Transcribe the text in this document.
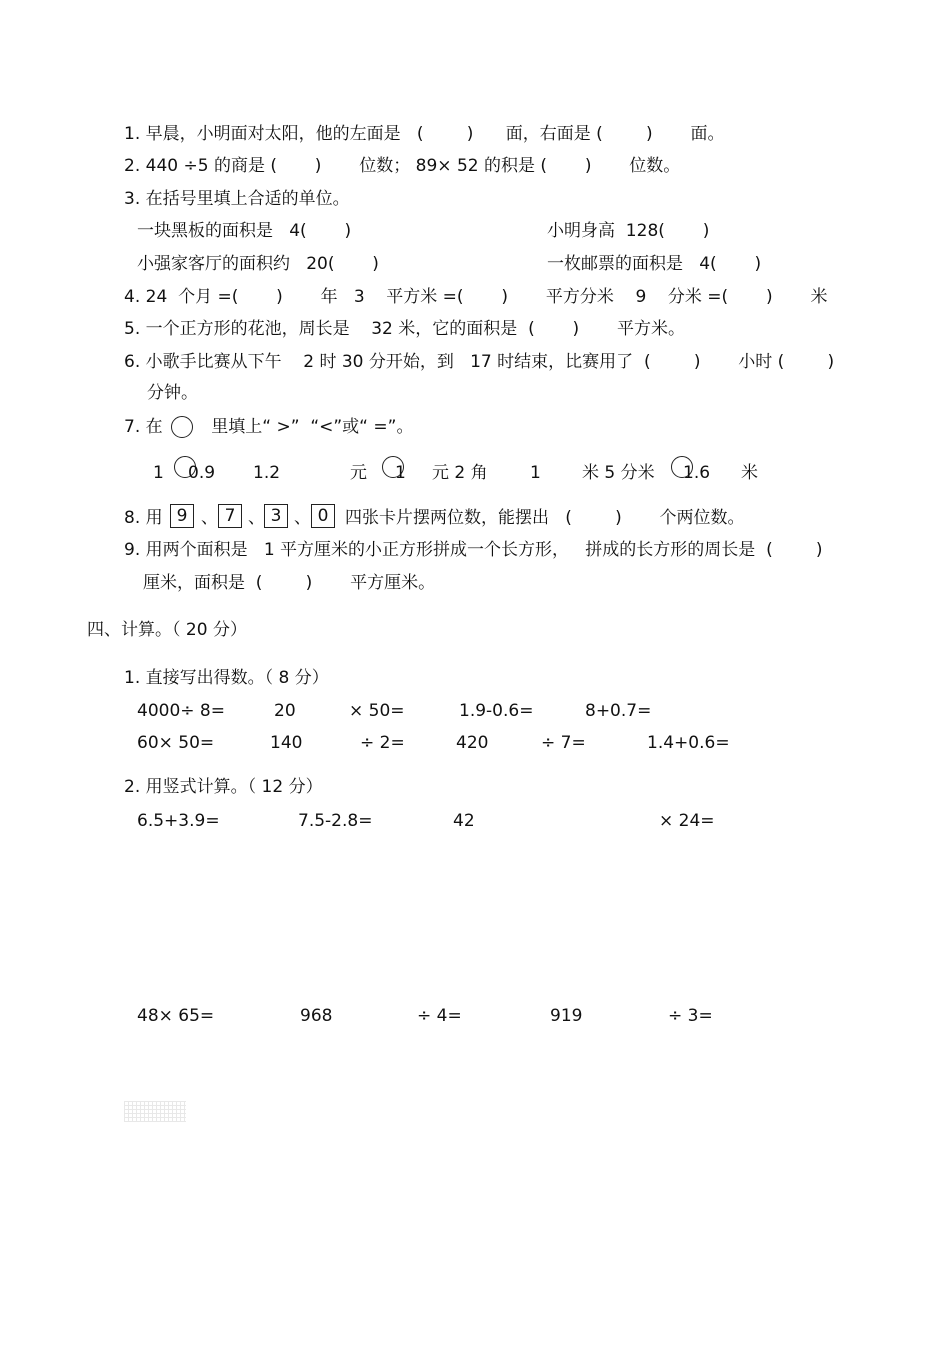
1. 早晨，小明面对太阳，他的左面是   (        )      面，右面是 (        )       面。
2. 440 ÷5 的商是 (       )       位数； 89× 52 的积是 (       )       位数。
3. 在括号里填上合适的单位。
一块黑板的面积是   4(       )	小明身高  128(       )
小强家客厅的面积约   20(       )	一枚邮票的面积是   4(       )
4. 24  个月 =(       )       年   3    平方米 =(       )       平方分米    9    分米 =(       )       米
5. 一个正方形的花池，周长是    32 米，它的面积是  (       )       平方米。
6. 小歌手比赛从下午    2 时 30 分开始，到   17 时结束，比赛用了  (        )       小时 (        )
分钟。
7. 在         里填上“ >”  “<”或“ =”。
1 0.9 1.2	元 1 元 2 角 1 米 5 分米 1.6 米
8. 用 9 、 7 、 3 、 0 四张卡片摆两位数，能摆出   (        )       个两位数。
9. 用两个面积是   1 平方厘米的小正方形拼成一个长方形，   拼成的长方形的周长是  (        )
厘米，面积是  (        )       平方厘米。
四、计算。（ 20 分）
1. 直接写出得数。（ 8 分）
4000÷ 8=	20	× 50=	1.9-0.6=	8+0.7=
60× 50=	140	÷ 2=	420	÷ 7=	1.4+0.6=
2. 用竖式计算。（ 12 分）
6.5+3.9=	7.5-2.8=	42	× 24=
48× 65=	968	÷ 4=	919	÷ 3=
